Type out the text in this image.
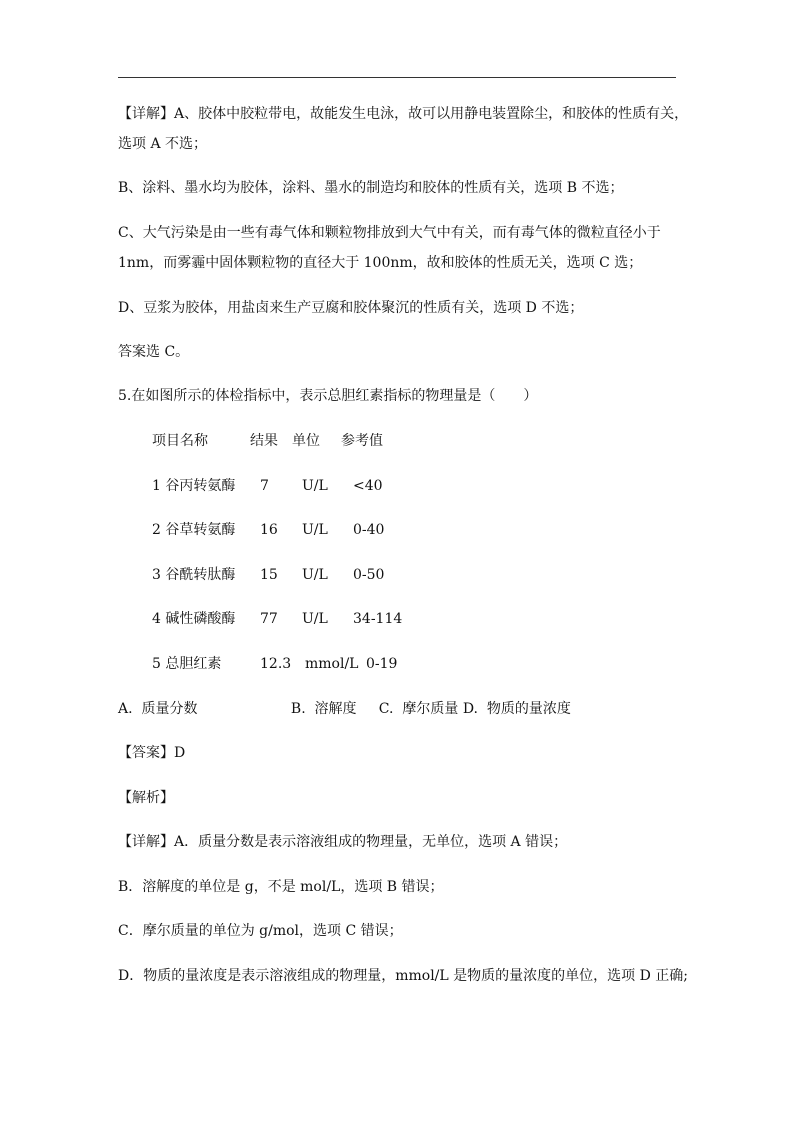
【详解】A、胶体中胶粒带电，故能发生电泳，故可以用静电装置除尘，和胶体的性质有关，
选项 A 不选；
B、涂料、墨水均为胶体，涂料、墨水的制造均和胶体的性质有关，选项 B 不选；
C、大气污染是由一些有毒气体和颗粒物排放到大气中有关，而有毒气体的微粒直径小于
1nm，而雾霾中固体颗粒物的直径大于 100nm，故和胶体的性质无关，选项 C 选；
D、豆浆为胶体，用盐卤来生产豆腐和胶体聚沉的性质有关，选项 D 不选；
答案选 C。
5.在如图所示的体检指标中，表示总胆红素指标的物理量是（　　）
项目名称	结果 单位 参考值
1 谷丙转氨酶 7 U/L <40
2 谷草转氨酶 16 U/L 0-40
3 谷酰转肽酶 15 U/L 0-50
4 碱性磷酸酶 77 U/L 34-114
5 总胆红素	12.3 mmol/L 0-19
A.  质量分数                     B.  溶解度     C.  摩尔质量 D.  物质的量浓度
【答案】D
【解析】
【详解】A．质量分数是表示溶液组成的物理量，无单位，选项 A 错误；
B．溶解度的单位是 g，不是 mol/L，选项 B 错误；
C．摩尔质量的单位为 g/mol，选项 C 错误；
D．物质的量浓度是表示溶液组成的物理量，mmol/L 是物质的量浓度的单位，选项 D 正确;
